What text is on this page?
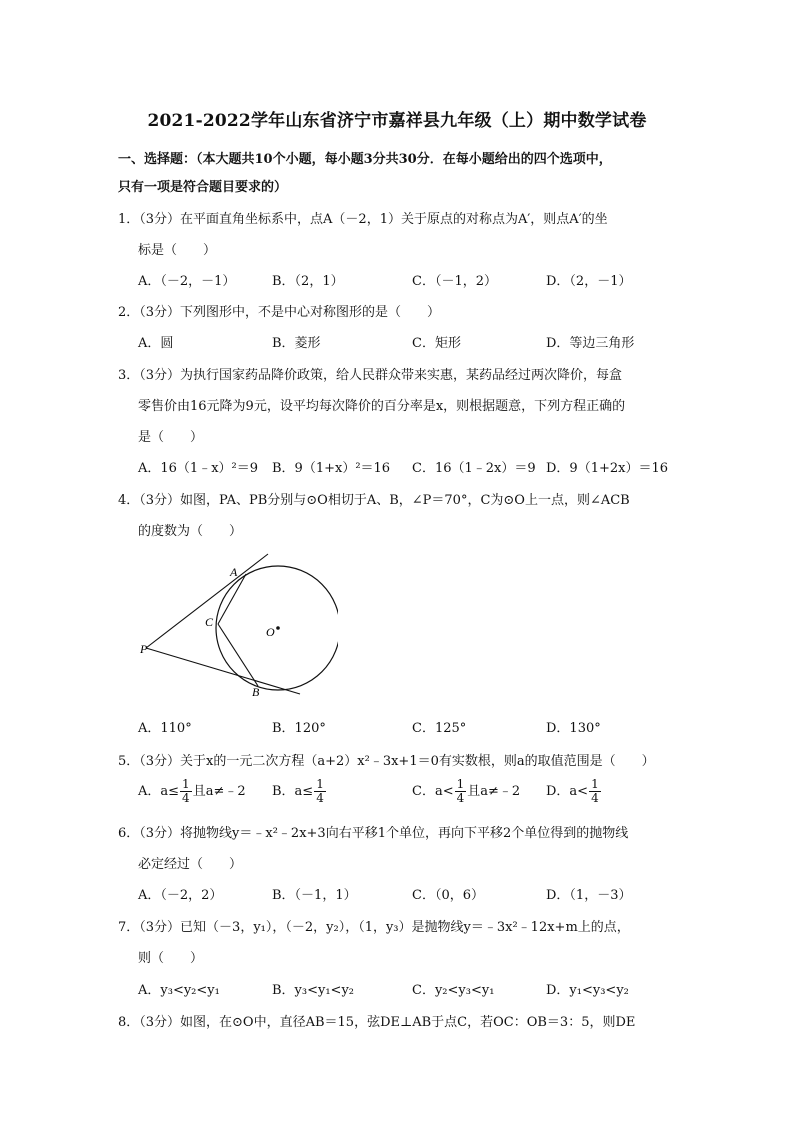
2021-2022学年山东省济宁市嘉祥县九年级（上）期中数学试卷
一、选择题：（本大题共10个小题，每小题3分共30分．在每小题给出的四个选项中，
只有一项是符合题目要求的）
1．（3分）在平面直角坐标系中，点A（－2，1）关于原点的对称点为A′，则点A′的坐
标是（　　）
A．（－2，－1）	B．（2，1）	C．（－1，2）	D．（2，－1）
2．（3分）下列图形中，不是中心对称图形的是（　　）
A．圆	B．菱形	C．矩形	D．等边三角形
3．（3分）为执行国家药品降价政策，给人民群众带来实惠，某药品经过两次降价，每盒
零售价由16元降为9元，设平均每次降价的百分率是x，则根据题意，下列方程正确的
是（　　）
A．16（1﹣x）²＝9 B．9（1+x）²＝16 C．16（1﹣2x）＝9 D．9（1+2x）＝16
4．（3分）如图，PA、PB分别与⊙O相切于A、B，∠P＝70°，C为⊙O上一点，则∠ACB
的度数为（　　）
A
B
C
O
P
A．110°	B．120°	C．125°	D．130°
5．（3分）关于x的一元二次方程（a+2）x²﹣3x+1＝0有实数根，则a的取值范围是（　　）
A．$a\le \frac{1}{4}$ 且a≠﹣2 B．$a\le \frac{1}{4}$	C．$a< \frac{1}{4}$ 且a≠﹣2 D．$a< \frac{1}{4}$
6．（3分）将抛物线y＝﹣x²﹣2x+3向右平移1个单位，再向下平移2个单位得到的抛物线
必定经过（　　）
A．（－2，2）	B．（－1，1）	C．（0，6）	D．（1，－3）
7．（3分）已知（－3，y₁），（－2，y₂），（1，y₃）是抛物线y＝﹣3x²﹣12x+m上的点，
则（　　）
A．y₃<y₂<y₁	B．y₃<y₁<y₂	C．y₂<y₃<y₁	D．y₁<y₃<y₂
8．（3分）如图，在⊙O中，直径AB＝15，弦DE⊥AB于点C，若OC：OB＝3：5，则DE
